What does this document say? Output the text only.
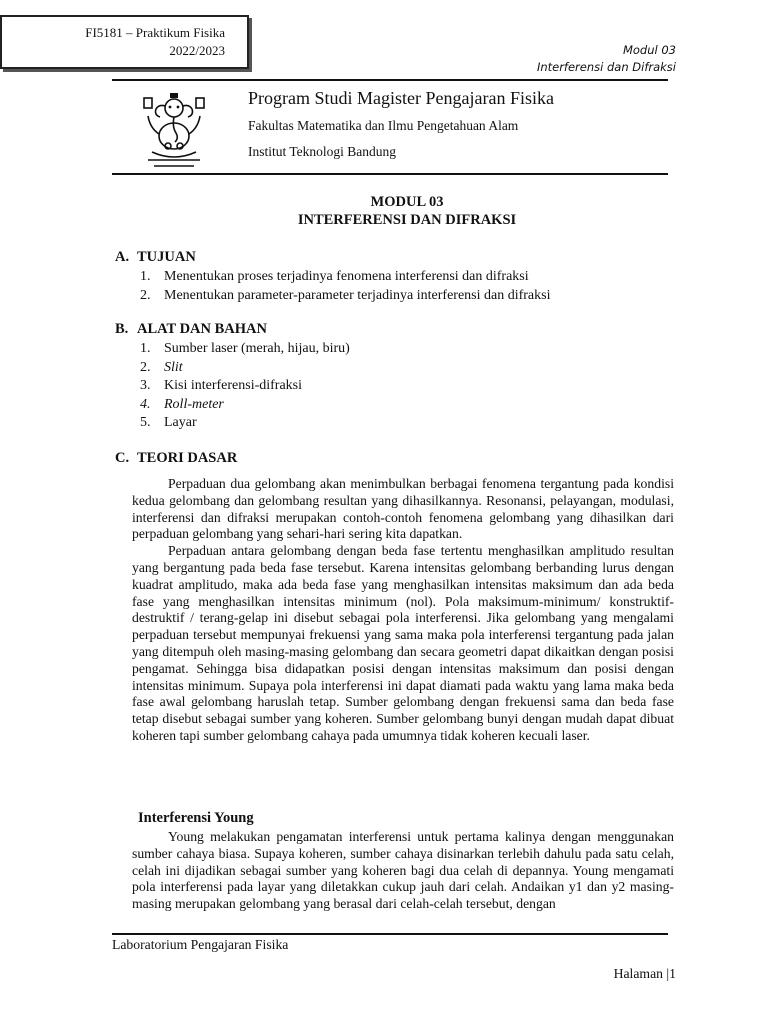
FI5181 – Praktikum Fisika
2022/2023	Modul 03
Interferensi dan Difraksi
Program Studi Magister Pengajaran Fisika
Fakultas Matematika dan Ilmu Pengetahuan Alam
Institut Teknologi Bandung
MODUL 03
INTERFERENSI DAN DIFRAKSI
A. TUJUAN
1. Menentukan proses terjadinya fenomena interferensi dan difraksi
2. Menentukan parameter-parameter terjadinya interferensi dan difraksi
B. ALAT DAN BAHAN
1. Sumber laser (merah, hijau, biru)
2. Slit
3. Kisi interferensi-difraksi
4. Roll-meter
5. Layar
C. TEORI DASAR

Perpaduan dua gelombang akan menimbulkan berbagai fenomena tergantung pada kondisi kedua gelombang dan gelombang resultan yang dihasilkannya. Resonansi, pelayangan, modulasi, interferensi dan difraksi merupakan contoh-contoh fenomena gelombang yang dihasilkan dari perpaduan gelombang yang sehari-hari sering kita dapatkan.

Perpaduan antara gelombang dengan beda fase tertentu menghasilkan amplitudo resultan yang bergantung pada beda fase tersebut. Karena intensitas gelombang berbanding lurus dengan kuadrat amplitudo, maka ada beda fase yang menghasilkan intensitas maksimum dan ada beda fase yang menghasilkan intensitas minimum (nol). Pola maksimum-minimum/ konstruktif-destruktif / terang-gelap ini disebut sebagai pola interferensi. Jika gelombang yang mengalami perpaduan tersebut mempunyai frekuensi yang sama maka pola interferensi tergantung pada jalan yang ditempuh oleh masing-masing gelombang dan secara geometri dapat dikaitkan dengan posisi pengamat. Sehingga bisa didapatkan posisi dengan intensitas maksimum dan posisi dengan intensitas minimum. Supaya pola interferensi ini dapat diamati pada waktu yang lama maka beda fase awal gelombang haruslah tetap. Sumber gelombang dengan frekuensi sama dan beda fase tetap disebut sebagai sumber yang koheren. Sumber gelombang bunyi dengan mudah dapat dibuat koheren tapi sumber gelombang cahaya pada umumnya tidak koheren kecuali laser.

Interferensi Young

Young melakukan pengamatan interferensi untuk pertama kalinya dengan menggunakan sumber cahaya biasa. Supaya koheren, sumber cahaya disinarkan terlebih dahulu pada satu celah, celah ini dijadikan sebagai sumber yang koheren bagi dua celah di depannya. Young mengamati pola interferensi pada layar yang diletakkan cukup jauh dari celah. Andaikan y1 dan y2 masing-masing merupakan gelombang yang berasal dari celah-celah tersebut, dengan

Laboratorium Pengajaran Fisika
Halaman |1
